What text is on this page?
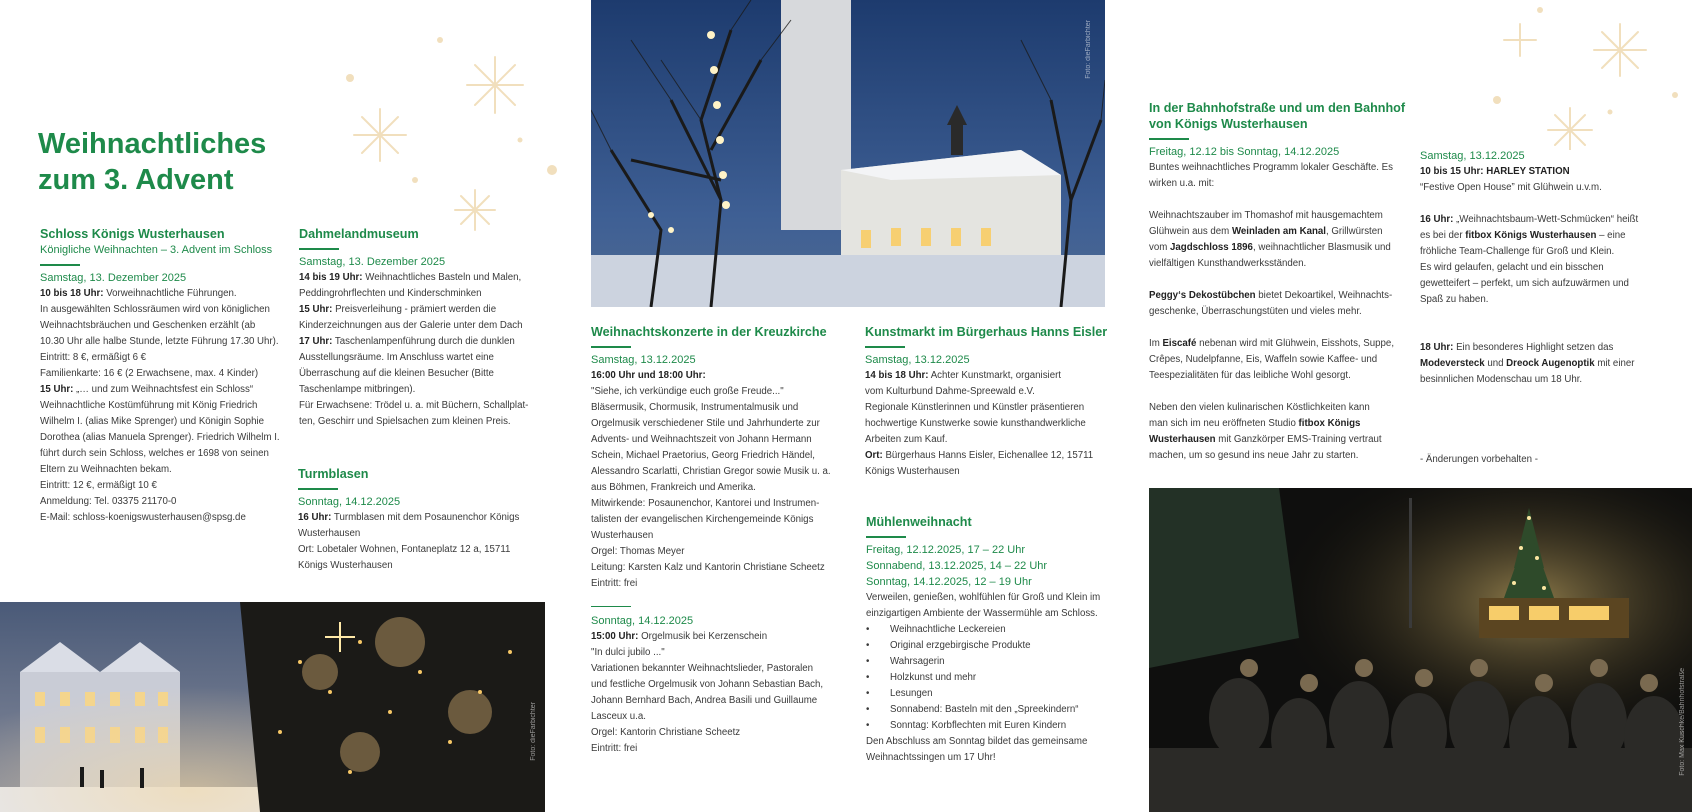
Weihnachtliches
zum 3. Advent
Schloss Königs Wusterhausen
Königliche Weihnachten – 3. Advent im Schloss
Samstag, 13. Dezember 2025
10 bis 18 Uhr: Vorweihnachtliche Führungen.
In ausgewählten Schlossräumen wird von königlichen
Weihnachtsbräuchen und Geschenken erzählt (ab
10.30 Uhr alle halbe Stunde, letzte Führung 17.30 Uhr).
Eintritt: 8 €, ermäßigt 6 €
Familienkarte: 16 € (2 Erwachsene, max. 4 Kinder)
15 Uhr: „… und zum Weihnachtsfest ein Schloss“
Weihnachtliche Kostümführung mit König Friedrich
Wilhelm I. (alias Mike Sprenger) und Königin Sophie
Dorothea (alias Manuela Sprenger). Friedrich Wilhelm I.
führt durch sein Schloss, welches er 1698 von seinen
Eltern zu Weihnachten bekam.
Eintritt: 12 €, ermäßigt 10 €
Anmeldung: Tel. 03375 21170-0
E-Mail: schloss-koenigswusterhausen@spsg.de
Dahmelandmuseum
Samstag, 13. Dezember 2025
14 bis 19 Uhr: Weihnachtliches Basteln und Malen,
Peddingrohrflechten und Kinderschminken
15 Uhr: Preisverleihung - prämiert werden die
Kinderzeichnungen aus der Galerie unter dem Dach
17 Uhr: Taschenlampenführung durch die dunklen
Ausstellungsräume. Im Anschluss wartet eine
Überraschung auf die kleinen Besucher (Bitte
Taschenlampe mitbringen).
Für Erwachsene: Trödel u. a. mit Büchern, Schallplat-
ten, Geschirr und Spielsachen zum kleinen Preis.
Turmblasen
Sonntag, 14.12.2025
16 Uhr: Turmblasen mit dem Posaunenchor Königs
Wusterhausen
Ort: Lobetaler Wohnen, Fontaneplatz 12 a, 15711
Königs Wusterhausen
Foto: dieFarbichter
Foto: dieFarbichter
Weihnachtskonzerte in der Kreuzkirche
Samstag, 13.12.2025
16:00 Uhr und 18:00 Uhr:
"Siehe, ich verkündige euch große Freude..."
Bläsermusik, Chormusik, Instrumentalmusik und
Orgelmusik verschiedener Stile und Jahrhunderte zur
Advents- und Weihnachtszeit von Johann Hermann
Schein, Michael Praetorius, Georg Friedrich Händel,
Alessandro Scarlatti, Christian Gregor sowie Musik u. a.
aus Böhmen, Frankreich und Amerika.
Mitwirkende: Posaunenchor, Kantorei und Instrumen-
talisten der evangelischen Kirchengemeinde Königs
Wusterhausen
Orgel: Thomas Meyer
Leitung: Karsten Kalz und Kantorin Christiane Scheetz
Eintritt: frei
Sonntag, 14.12.2025
15:00 Uhr: Orgelmusik bei Kerzenschein
"In dulci jubilo ..."
Variationen bekannter Weihnachtslieder, Pastoralen
und festliche Orgelmusik von Johann Sebastian Bach,
Johann Bernhard Bach, Andrea Basili und Guillaume
Lasceux u.a.
Orgel: Kantorin Christiane Scheetz
Eintritt: frei
Kunstmarkt im Bürgerhaus Hanns Eisler
Samstag, 13.12.2025
14 bis 18 Uhr: Achter Kunstmarkt, organisiert
vom Kulturbund Dahme-Spreewald e.V.
Regionale Künstlerinnen und Künstler präsentieren
hochwertige Kunstwerke sowie kunsthandwerkliche
Arbeiten zum Kauf.
Ort: Bürgerhaus Hanns Eisler, Eichenallee 12, 15711
Königs Wusterhausen
Mühlenweihnacht
Freitag, 12.12.2025, 17 – 22 Uhr
Sonnabend, 13.12.2025, 14 – 22 Uhr
Sonntag, 14.12.2025, 12 – 19 Uhr
Verweilen, genießen, wohlfühlen für Groß und Klein im
einzigartigen Ambiente der Wassermühle am Schloss.
•	Weihnachtliche Leckereien
•	Original erzgebirgische Produkte
•	Wahrsagerin
•	Holzkunst und mehr
•	Lesungen
•	Sonnabend: Basteln mit den „Spreekindern“
•	Sonntag: Korbflechten mit Euren Kindern
Den Abschluss am Sonntag bildet das gemeinsame
Weihnachtssingen um 17 Uhr!
In der Bahnhofstraße und um den Bahnhof
von Königs Wusterhausen
Freitag, 12.12 bis Sonntag, 14.12.2025
Buntes weihnachtliches Programm lokaler Geschäfte. Es
wirken u.a. mit:
Weihnachtszauber im Thomashof mit hausgemachtem
Glühwein aus dem Weinladen am Kanal, Grillwürsten
vom Jagdschloss 1896, weihnachtlicher Blasmusik und
vielfältigen Kunsthandwerksständen.
Peggy‘s Dekostübchen bietet Dekoartikel, Weihnachts-
geschenke, Überraschungstüten und vieles mehr.
Im Eiscafé nebenan wird mit Glühwein, Eisshots, Suppe,
Crêpes, Nudelpfanne, Eis, Waffeln sowie Kaffee- und
Teespezialitäten für das leibliche Wohl gesorgt.
Neben den vielen kulinarischen Köstlichkeiten kann
man sich im neu eröffneten Studio fitbox Königs
Wusterhausen mit Ganzkörper EMS-Training vertraut
machen, um so gesund ins neue Jahr zu starten.
Samstag, 13.12.2025
10 bis 15 Uhr: HARLEY STATION
“Festive Open House” mit Glühwein u.v.m.
16 Uhr: „Weihnachtsbaum-Wett-Schmücken“ heißt
es bei der fitbox Königs Wusterhausen – eine
fröhliche Team-Challenge für Groß und Klein.
Es wird gelaufen, gelacht und ein bisschen
gewetteifert – perfekt, um sich aufzuwärmen und
Spaß zu haben.
18 Uhr: Ein besonderes Highlight setzen das
Modeversteck und Dreock Augenoptik mit einer
besinnlichen Modenschau um 18 Uhr.
- Änderungen vorbehalten -
Foto: Max Kuschke/Bahnhofstraße
